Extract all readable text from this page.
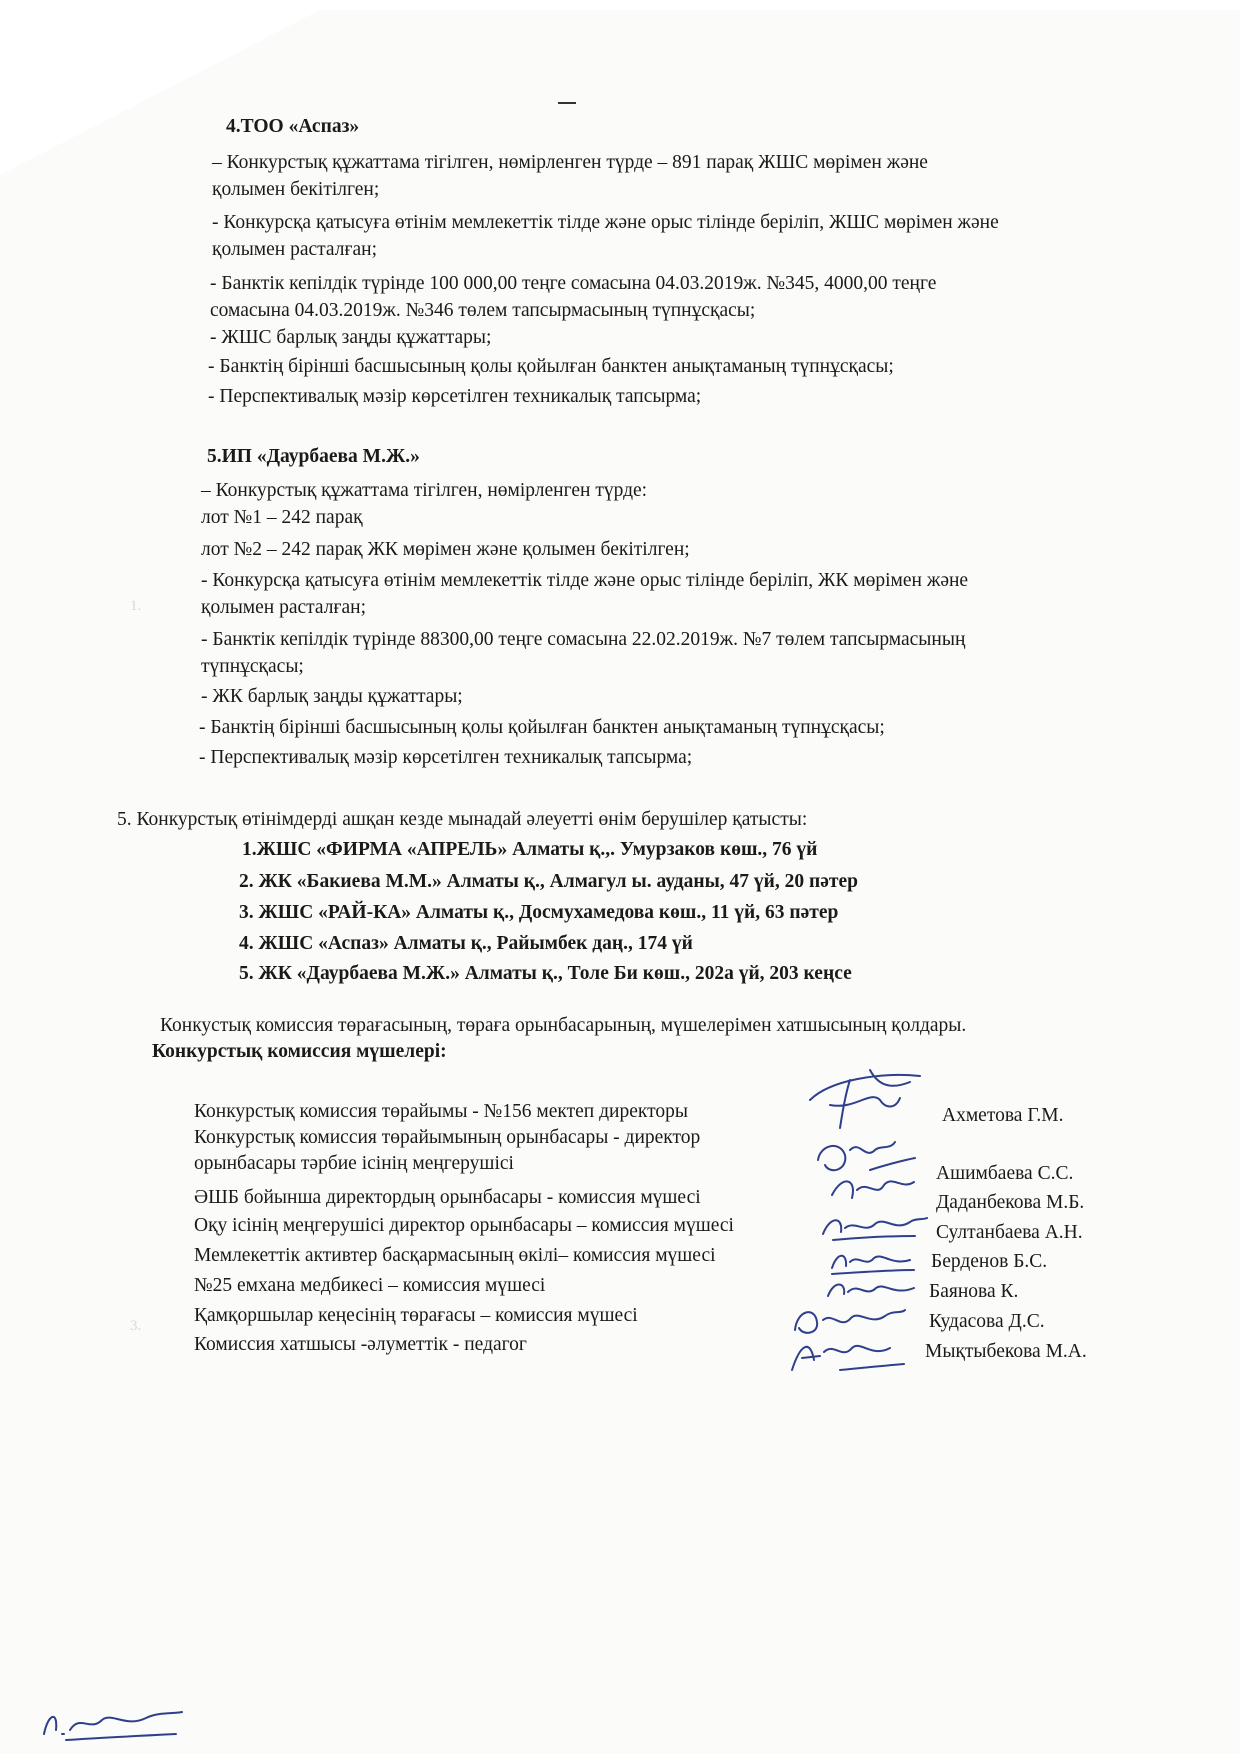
1.
3.
4.ТОО «Аспаз»
– Конкурстық құжаттама тігілген, нөмірленген түрде – 891 парақ ЖШС мөрімен және
қолымен бекітілген;
- Конкурсқа қатысуға өтінім мемлекеттік тілде және орыс тілінде беріліп, ЖШС мөрімен және
қолымен расталған;
- Банктік кепілдік түрінде 100 000,00 теңге сомасына 04.03.2019ж. №345, 4000,00 теңге
сомасына 04.03.2019ж. №346 төлем тапсырмасының түпнұсқасы;
- ЖШС барлық заңды құжаттары;
- Банктің бірінші басшысының қолы қойылған банктен анықтаманың түпнұсқасы;
- Перспективалық мәзір көрсетілген техникалық тапсырма;
5.ИП «Даурбаева М.Ж.»
– Конкурстық құжаттама тігілген, нөмірленген түрде:
лот №1 – 242 парақ
лот №2 – 242 парақ ЖК мөрімен және қолымен бекітілген;
- Конкурсқа қатысуға өтінім мемлекеттік тілде және орыс тілінде беріліп, ЖК мөрімен және
қолымен расталған;
- Банктік кепілдік түрінде 88300,00 теңге сомасына 22.02.2019ж. №7 төлем тапсырмасының
түпнұсқасы;
- ЖК барлық заңды құжаттары;
- Банктің бірінші басшысының қолы қойылған банктен анықтаманың түпнұсқасы;
- Перспективалық мәзір көрсетілген техникалық тапсырма;
5. Конкурстық өтінімдерді ашқан кезде мынадай әлеуетті өнім берушілер қатысты:
1.ЖШС «ФИРМА «АПРЕЛЬ» Алматы қ.,. Умурзаков көш., 76 үй
2. ЖК «Бакиева М.М.» Алматы қ., Алмагул ы. ауданы, 47 үй, 20 пәтер
3. ЖШС «РАЙ-КА» Алматы қ., Досмухамедова көш., 11 үй, 63 пәтер
4. ЖШС «Аспаз» Алматы қ., Райымбек даң., 174 үй
5. ЖК «Даурбаева М.Ж.» Алматы қ., Толе Би көш., 202а үй, 203 кеңсе
Конкустық комиссия төрағасының, төраға орынбасарының, мүшелерімен хатшысының қолдары.
Конкурстық комиссия мүшелері:
Конкурстық комиссия төрайымы - №156 мектеп директоры
Конкурстық комиссия төрайымының орынбасары - директор
орынбасары тәрбие ісінің меңгерушісі
ӘШБ бойынша директордың орынбасары - комиссия мүшесі
Оқу ісінің меңгерушісі директор орынбасары – комиссия мүшесі
Мемлекеттік активтер басқармасының өкілі– комиссия мүшесі
№25 емхана медбикесі – комиссия мүшесі
Қамқоршылар кеңесінің төрағасы – комиссия мүшесі
Комиссия хатшысы -әлуметтік - педагог
Ахметова Г.М.
Ашимбаева С.С.
Даданбекова М.Б.
Султанбаева А.Н.
Берденов Б.С.
Баянова К.
Кудасова Д.С.
Мықтыбекова М.А.
